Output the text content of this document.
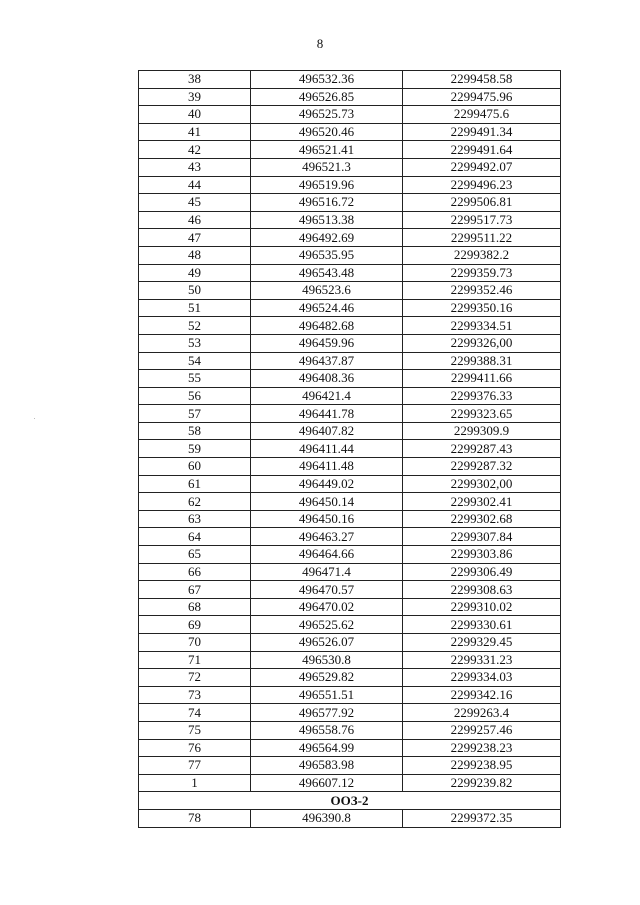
8
38	496532.36	2299458.58
39	496526.85	2299475.96
40	496525.73	2299475.6
41	496520.46	2299491.34
42	496521.41	2299491.64
43	496521.3	2299492.07
44	496519.96	2299496.23
45	496516.72	2299506.81
46	496513.38	2299517.73
47	496492.69	2299511.22
48	496535.95	2299382.2
49	496543.48	2299359.73
50	496523.6	2299352.46
51	496524.46	2299350.16
52	496482.68	2299334.51
53	496459.96	2299326,00
54	496437.87	2299388.31
55	496408.36	2299411.66
56	496421.4	2299376.33
57	496441.78	2299323.65
58	496407.82	2299309.9
59	496411.44	2299287.43
60	496411.48	2299287.32
61	496449.02	2299302,00
62	496450.14	2299302.41
63	496450.16	2299302.68
64	496463.27	2299307.84
65	496464.66	2299303.86
66	496471.4	2299306.49
67	496470.57	2299308.63
68	496470.02	2299310.02
69	496525.62	2299330.61
70	496526.07	2299329.45
71	496530.8	2299331.23
72	496529.82	2299334.03
73	496551.51	2299342.16
74	496577.92	2299263.4
75	496558.76	2299257.46
76	496564.99	2299238.23
77	496583.98	2299238.95
1	496607.12	2299239.82
ООЗ-2		
78	496390.8	2299372.35
